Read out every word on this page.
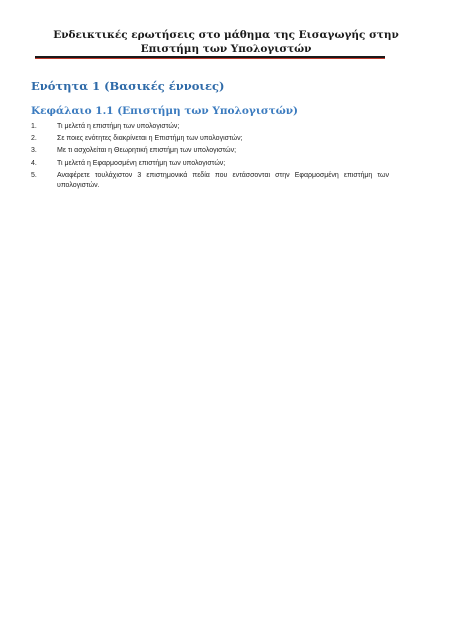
Ενδεικτικές ερωτήσεις στο μάθημα της Εισαγωγής στην Επιστήμη των Υπολογιστών
Ενότητα 1 (Βασικές έννοιες)
Κεφάλαιο 1.1 (Επιστήμη των Υπολογιστών)
1.	Τι μελετά η επιστήμη των υπολογιστών;
2.	Σε ποιες ενότητες διακρίνεται η Επιστήμη των υπολογιστών;
3.	Με τι ασχολείται η Θεωρητική επιστήμη των υπολογιστών;
4.	Τι μελετά η Εφαρμοσμένη επιστήμη των υπολογιστών;
5.	Αναφέρετε τουλάχιστον 3 επιστημονικά πεδία που εντάσσονται στην Εφαρμοσμένη επιστήμη των υπολογιστών.
